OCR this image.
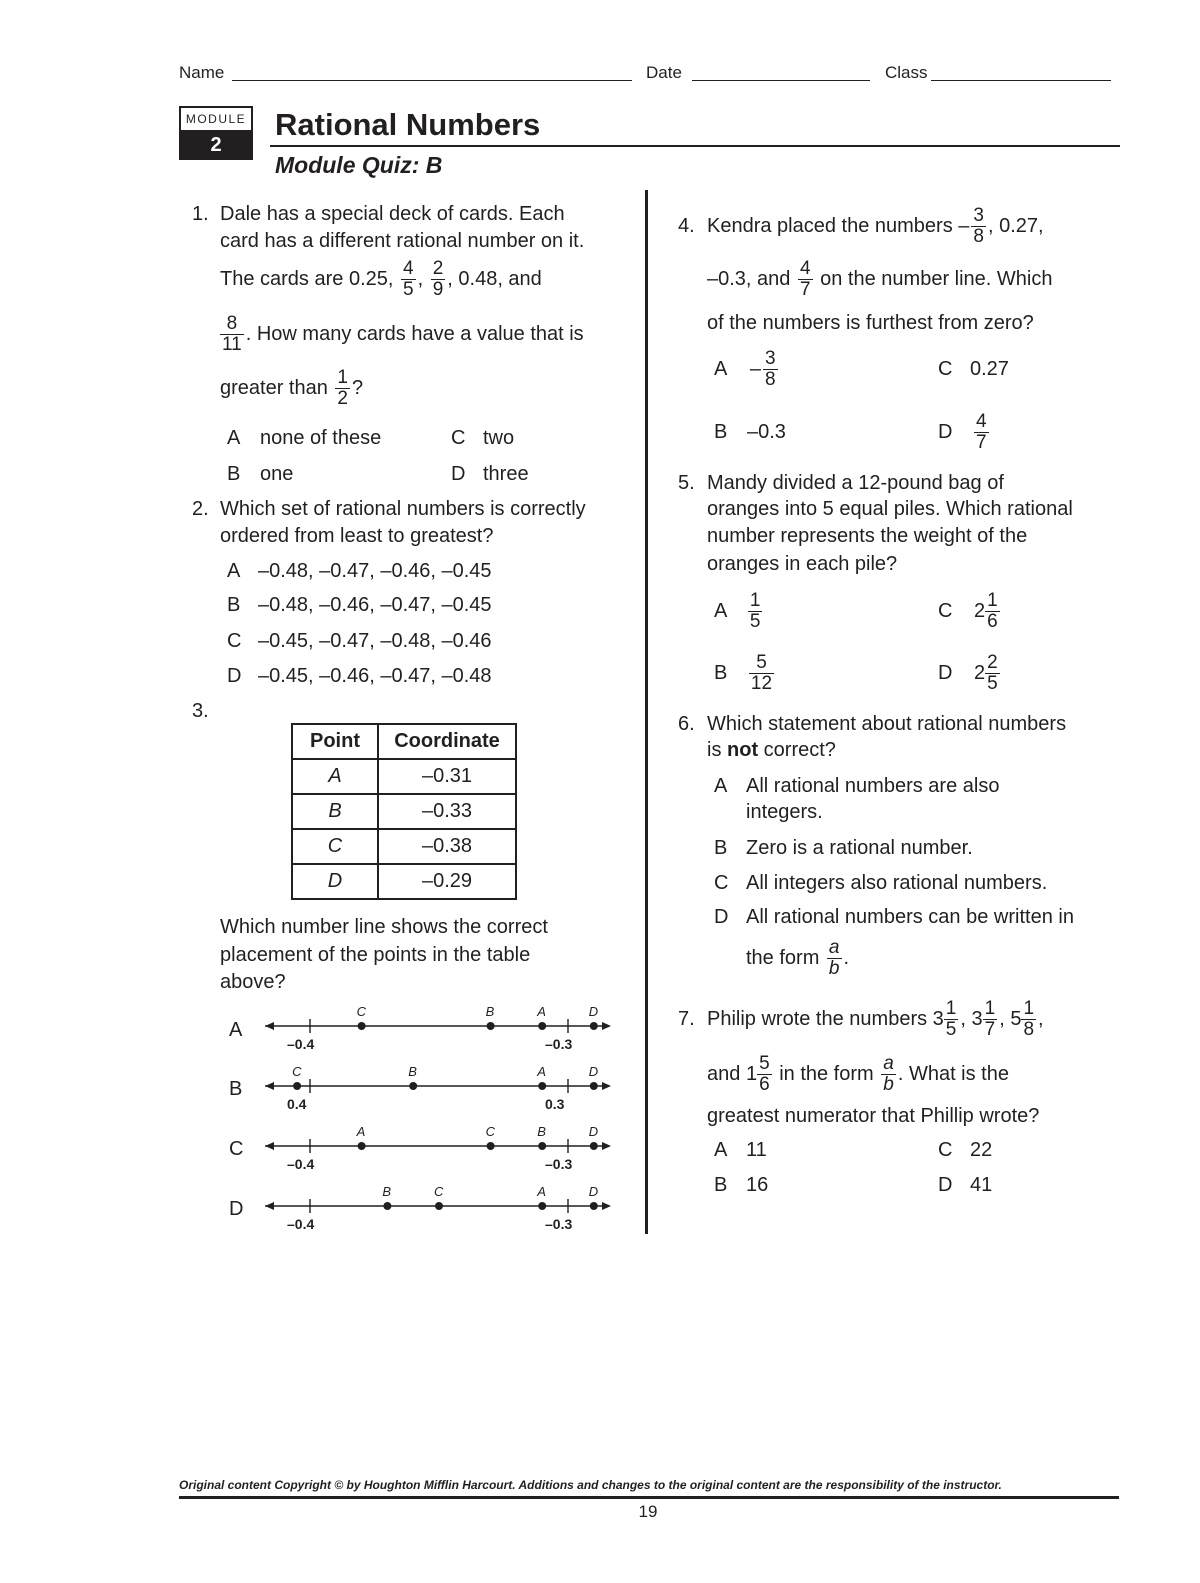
Name	Date	Class
MODULE
2
Rational Numbers
Module Quiz: B
1. Dale has a special deck of cards. Each
card has a different rational number on it.
The cards are 0.25, $\frac{4}{5}$ , $\frac{2}{9}$ , 0.48, and
$\frac{8}{11}$ . How many cards have a value that is
greater than $\frac{1}{2}$ ?
A none of these	C two
B one	D three
2. Which set of rational numbers is correctly
ordered from least to greatest?
A –0.48, –0.47, –0.46, –0.45
B –0.48, –0.46, –0.47, –0.45
C –0.45, –0.47, –0.48, –0.46
D –0.45, –0.46, –0.47, –0.48
3.
Point	Coordinate
A	–0.31
B	–0.33
C	–0.38
D	–0.29
Which number line shows the correct
placement of the points in the table
above?
A
B
C
D
–0.4	–0.3
C	B	A	D
0.4	0.3
C	B	A	D
–0.4	–0.3
A	C	B	D
–0.4	–0.3
B	C	A	D
4. Kendra placed the numbers – $\frac{3}{8}$ , 0.27,
–0.3, and $\frac{4}{7}$ on the number line. Which
of the numbers is furthest from zero?
A – $\frac{3}{8}$	C 0.27
B –0.3	D $\frac{4}{7}$
5. Mandy divided a 12-pound bag of
oranges into 5 equal piles. Which rational
number represents the weight of the
oranges in each pile?
A $\frac{1}{5}$	C $2 \frac{1}{6}$
B $\frac{5}{12}$	D $2 \frac{2}{5}$
6. Which statement about rational numbers
is not correct?
A All rational numbers are also
integers.
B Zero is a rational number.
C All integers also rational numbers.
D All rational numbers can be written in
the form $\frac{a}{b}$ .
7. Philip wrote the numbers $3 \frac{1}{5}$ , $3 \frac{1}{7}$ , $5 \frac{1}{8}$ ,
and $1 \frac{5}{6}$ in the form $\frac{a}{b}$ . What is the
greatest numerator that Phillip wrote?
A 11	C 22
B 16	D 41
Original content Copyright © by Houghton Mifflin Harcourt. Additions and changes to the original content are the responsibility of the instructor.
19
